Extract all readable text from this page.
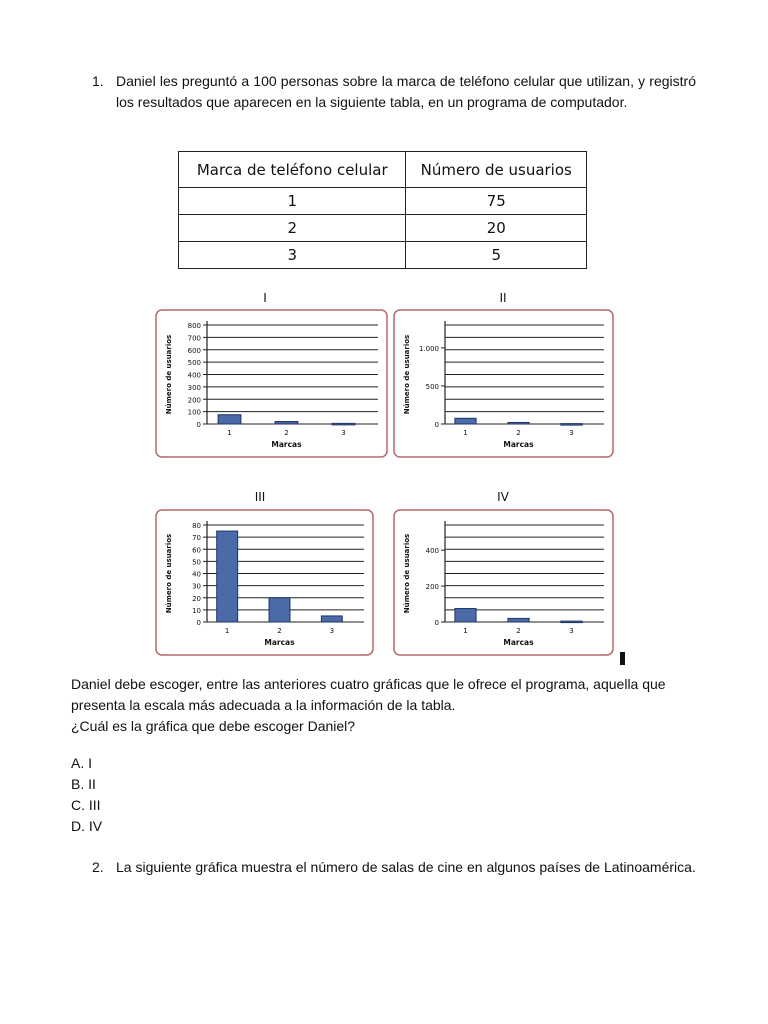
1. Daniel les preguntó a 100 personas sobre la marca de teléfono celular que utilizan, y registró los resultados que aparecen en la siguiente tabla, en un programa de computador.
Marca de teléfono celular	Número de usuarios
1	75
2	20
3	5
I	II
III	IV
0
100
200
300
400
500
600
700
800
Número de usuarios
1	2	3
Marcas
0
500
1.000
Número de usuarios
1	2	3
Marcas
0
10
20
30
40
50
60
70
80
Número de usuarios
1	2	3
Marcas
0
200
400
Número de usuarios
1	2	3
Marcas
Daniel debe escoger, entre las anteriores cuatro gráficas que le ofrece el programa, aquella que presenta la escala más adecuada a la información de la tabla.
¿Cuál es la gráfica que debe escoger Daniel?
A. I
B. II
C. III
D. IV
2. La siguiente gráfica muestra el número de salas de cine en algunos países de Latinoamérica.
